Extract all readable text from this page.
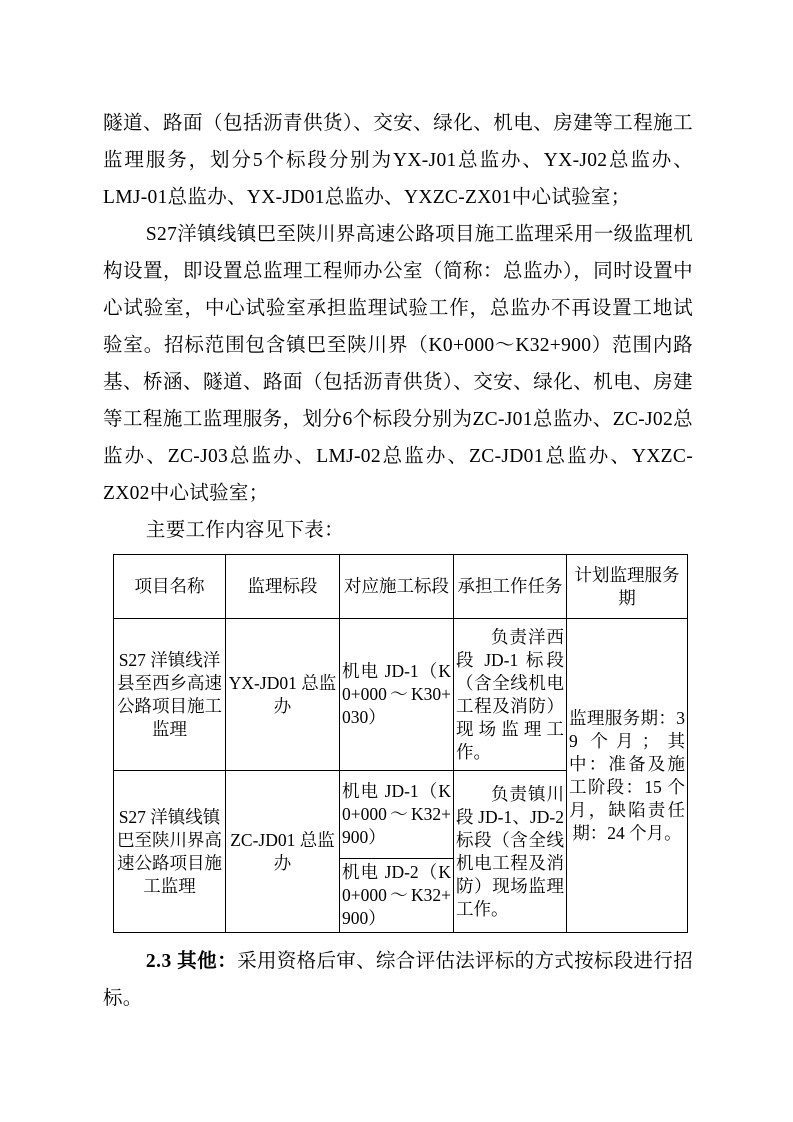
隧道、路面（包括沥青供货）、交安、绿化、机电、房建等工程施工监理服务，划分5个标段分别为YX-J01总监办、YX-J02总监办、LMJ-01总监办、YX-JD01总监办、YXZC-ZX01中心试验室；

S27洋镇线镇巴至陕川界高速公路项目施工监理采用一级监理机构设置，即设置总监理工程师办公室（简称：总监办），同时设置中心试验室，中心试验室承担监理试验工作，总监办不再设置工地试验室。招标范围包含镇巴至陕川界（K0+000～K32+900）范围内路基、桥涵、隧道、路面（包括沥青供货）、交安、绿化、机电、房建等工程施工监理服务，划分6个标段分别为ZC-J01总监办、ZC-J02总监办、ZC-J03总监办、LMJ-02总监办、ZC-JD01总监办、YXZC-ZX02中心试验室；

主要工作内容见下表：

项目名称	监理标段	对应施工标段	承担工作任务	计划监理服务期
S27 洋镇线洋县至西乡高速公路项目施工监理	YX-JD01 总监办	机电 JD-1（K0+000～K30+030）	负责洋西段 JD-1 标段（含全线机电工程及消防）现场监理工作。	监理服务期：39 个月；其中：准备及施工阶段：15 个月，缺陷责任期：24 个月。
S27 洋镇线镇巴至陕川界高速公路项目施工监理	ZC-JD01 总监办	机电 JD-1（K0+000～K32+900）	负责镇川段 JD-1、JD-2 标段（含全线机电工程及消防）现场监理工作。	
		机电 JD-2（K0+000～K32+900）		

2.3 其他：采用资格后审、综合评估法评标的方式按标段进行招标。
